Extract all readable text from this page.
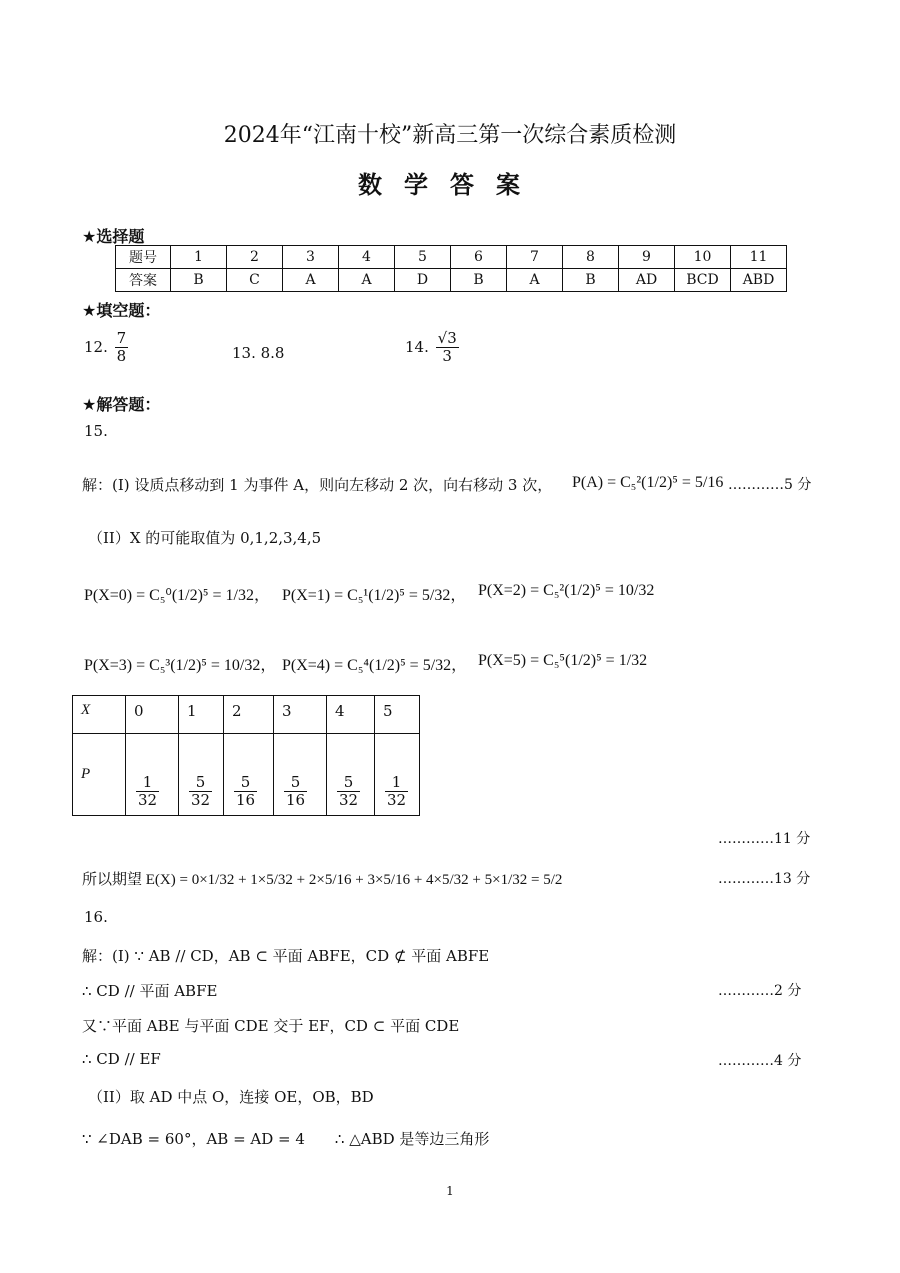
2024年“江南十校”新高三第一次综合素质检测
数学答案
★选择题
题号	1	2	3	4	5	6	7	8	9	10	11
答案	B	C	A	A	D	B	A	B	AD	BCD	ABD
★填空题：
12. $\frac{7}{8}$	13. 8.8	14. $\frac{√3}{3}$
★解答题：
15.
解：(I) 设质点移动到 1 为事件 A，则向左移动 2 次，向右移动 3 次， P(A) = C₅²(1/2)⁵ = 5/16 …………5 分
（II）X 的可能取值为 0,1,2,3,4,5
P(X=0) = C₅⁰(1/2)⁵ = 1/32， P(X=1) = C₅¹(1/2)⁵ = 5/32， P(X=2) = C₅²(1/2)⁵ = 10/32
P(X=3) = C₅³(1/2)⁵ = 10/32， P(X=4) = C₅⁴(1/2)⁵ = 5/32， P(X=5) = C₅⁵(1/2)⁵ = 1/32
X	0	1	2	3	4	5
P	$\frac{1}{32}$	$\frac{5}{32}$	$\frac{5}{16}$	$\frac{5}{16}$	$\frac{5}{32}$	$\frac{1}{32}$
…………11 分
所以期望 E(X) = 0×1/32 + 1×5/32 + 2×5/16 + 3×5/16 + 4×5/32 + 5×1/32 = 5/2	…………13 分
16.
解：(I) ∵ AB // CD，AB ⊂ 平面 ABFE，CD ⊄ 平面 ABFE
∴ CD // 平面 ABFE	…………2 分
又∵平面 ABE 与平面 CDE 交于 EF，CD ⊂ 平面 CDE
∴ CD // EF	…………4 分
（II）取 AD 中点 O，连接 OE，OB，BD
∵ ∠DAB = 60°，AB = AD = 4　　∴ △ABD 是等边三角形
1
